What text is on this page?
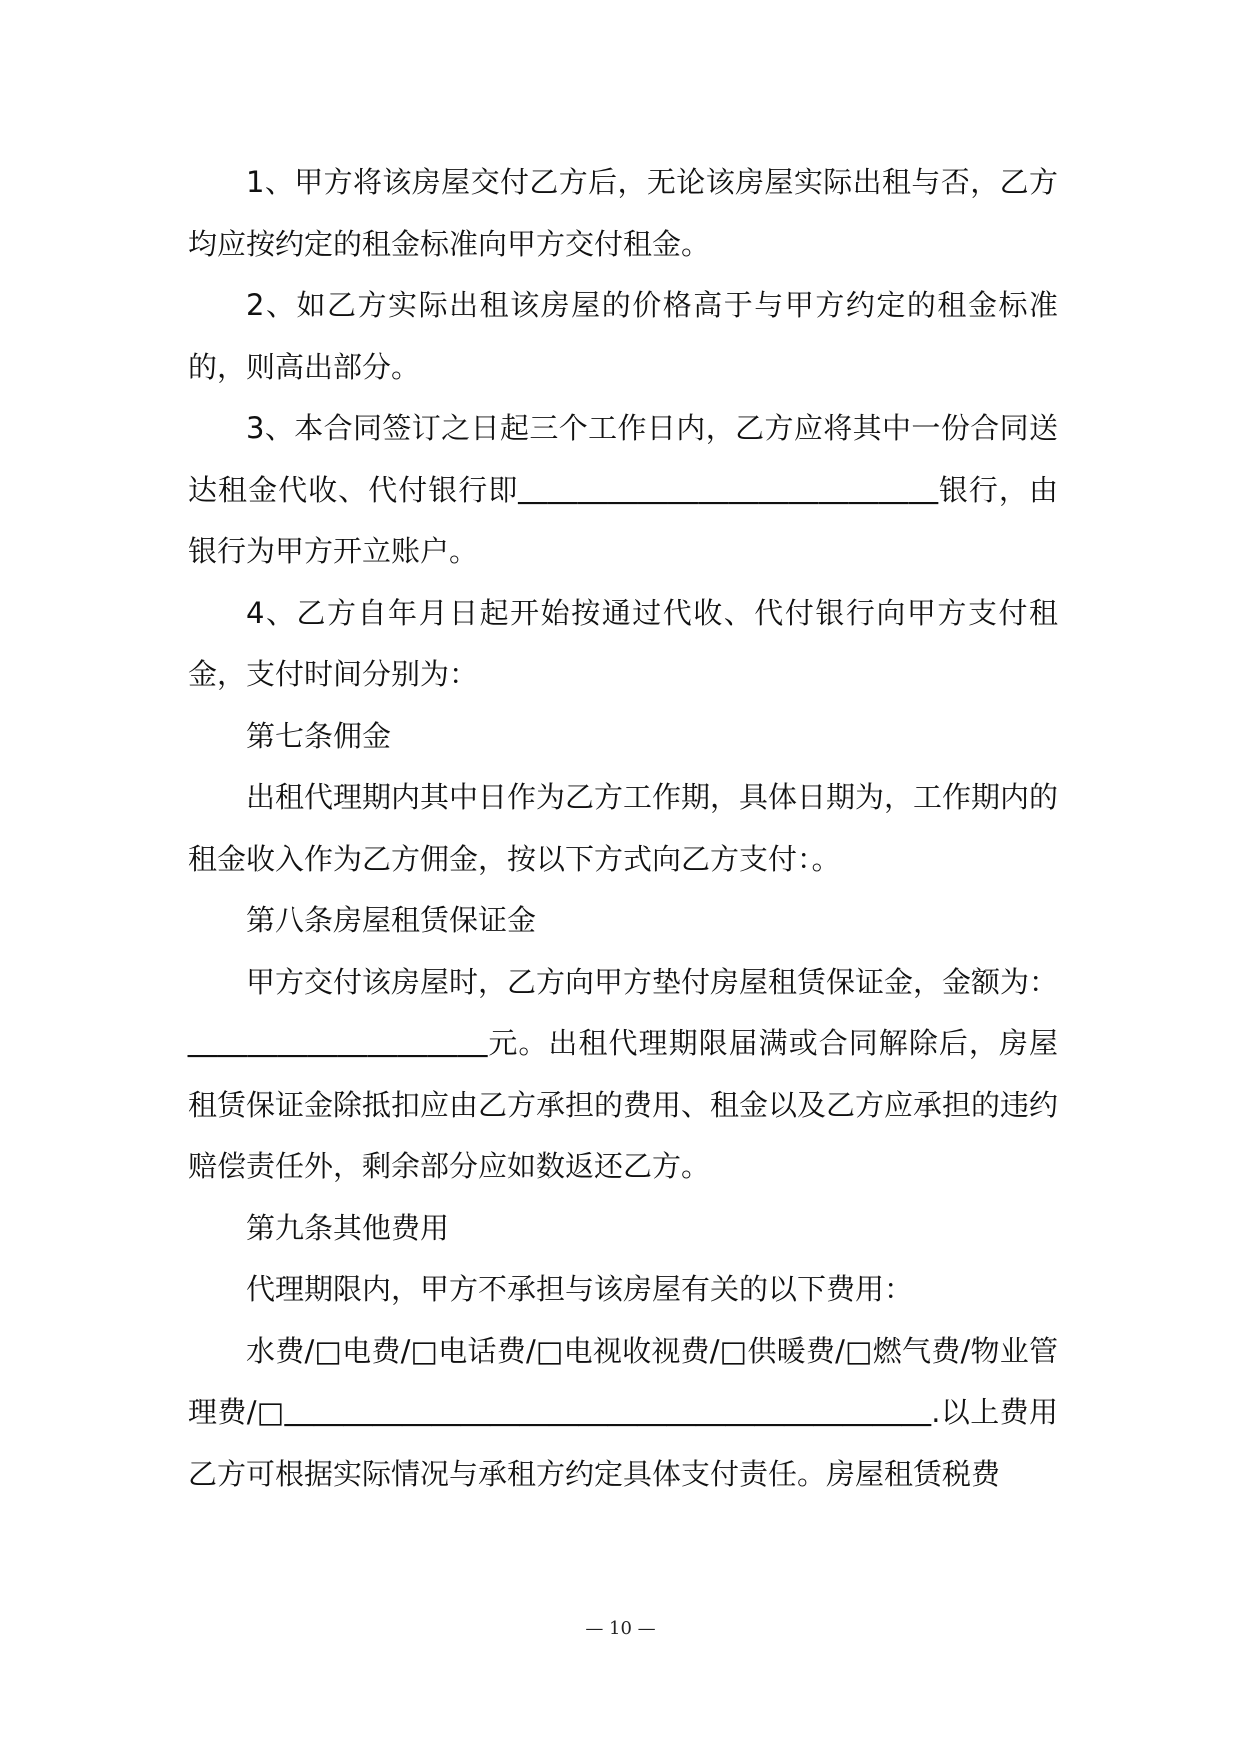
1、甲方将该房屋交付乙方后，无论该房屋实际出租与否，乙方均应按约定的租金标准向甲方交付租金。

2、如乙方实际出租该房屋的价格高于与甲方约定的租金标准的，则高出部分。

3、本合同签订之日起三个工作日内，乙方应将其中一份合同送达租金代收、代付银行即＿＿＿＿＿＿＿＿＿＿＿＿＿＿银行，由银行为甲方开立账户。

4、乙方自年月日起开始按通过代收、代付银行向甲方支付租金，支付时间分别为：

第七条佣金

出租代理期内其中日作为乙方工作期，具体日期为，工作期内的租金收入作为乙方佣金，按以下方式向乙方支付：。

第八条房屋租赁保证金

甲方交付该房屋时，乙方向甲方垫付房屋租赁保证金，金额为：＿＿＿＿＿＿＿＿＿＿元。出租代理期限届满或合同解除后，房屋租赁保证金除抵扣应由乙方承担的费用、租金以及乙方应承担的违约赔偿责任外，剩余部分应如数返还乙方。

第九条其他费用

代理期限内，甲方不承担与该房屋有关的以下费用：

水费/□电费/□电话费/□电视收视费/□供暖费/□燃气费/物业管理费/□＿＿＿＿＿＿＿＿＿＿＿＿＿＿＿＿＿＿＿＿＿＿.以上费用乙方可根据实际情况与承租方约定具体支付责任。房屋租赁税费

— 10 —
